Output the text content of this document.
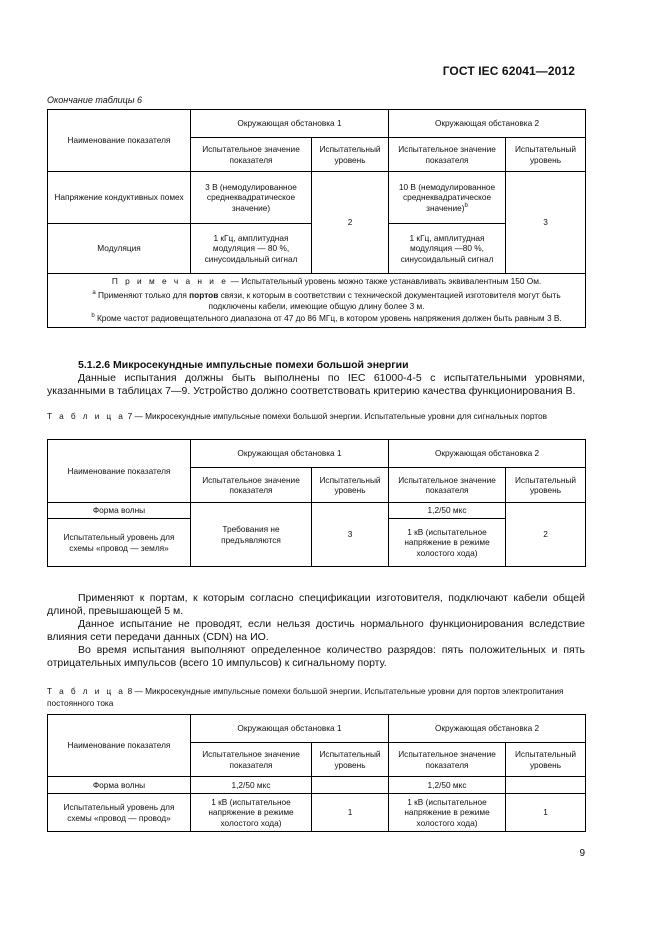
ГОСТ IEC 62041—2012
Окончание таблицы 6
Наименование показателя	Окружающая обстановка 1		Окружающая обстановка 2	
	Испытательное значение показателя	Испытательный уровень	Испытательное значение показателя	Испытательный уровень
Напряжение кондуктивных помех	3 В (немодулированное среднеквадратическое значение)	2	10 В (немодулированное среднеквадратическое значение)$^b$	3
Модуляция	1 кГц, амплитудная модуляция — 80 %, синусоидальный сигнал		1 кГц, амплитудная модуляция —80 %, синусоидальный сигнал	

П р и м е ч а н и е — Испытательный уровень можно также устанавливать эквивалентным 150 Ом.
$^a$ Применяют только для портов связи, к которым в соответствии с технической документацией изготовителя могут быть подключены кабели, имеющие общую длину более 3 м.
$^b$ Кроме частот радиовещательного диапазона от 47 до 86 МГц, в котором уровень напряжения должен быть равным 3 В.				
5.1.2.6 Микросекундные импульсные помехи большой энергии

Данные испытания должны быть выполнены по IEC 61000-4-5 с испытательными уровнями, указанными в таблицах 7—9. Устройство должно соответствовать критерию качества функционирования В.

Т а б л и ц а 7 — Микросекундные импульсные помехи большой энергии. Испытательные уровни для сигнальных портов

Наименование показателя	Окружающая обстановка 1		Окружающая обстановка 2	
	Испытательное значение показателя	Испытательный уровень	Испытательное значение показателя	Испытательный уровень
Форма волны	Требования не предъявляются	3	1,2/50 мкс	2
Испытательный уровень для схемы «провод — земля»			1 кВ (испытательное напряжение в режиме холостого хода)	

Применяют к портам, к которым согласно спецификации изготовителя, подключают кабели общей длиной, превышающей 5 м.

Данное испытание не проводят, если нельзя достичь нормального функционирования вследствие влияния сети передачи данных (CDN) на ИО.

Во время испытания выполняют определенное количество разрядов: пять положительных и пять отрицательных импульсов (всего 10 импульсов) к сигнальному порту.

Т а б л и ц а 8 — Микросекундные импульсные помехи большой энергии. Испытательные уровни для портов электропитания постоянного тока

Наименование показателя	Окружающая обстановка 1		Окружающая обстановка 2	
	Испытательное значение показателя	Испытательный уровень	Испытательное значение показателя	Испытательный уровень
Форма волны	1,2/50 мкс		1,2/50 мкс	
Испытательный уровень для схемы «провод — провод»	1 кВ (испытательное напряжение в режиме холостого хода)	1	1 кВ (испытательное напряжение в режиме холостого хода)	1
9
